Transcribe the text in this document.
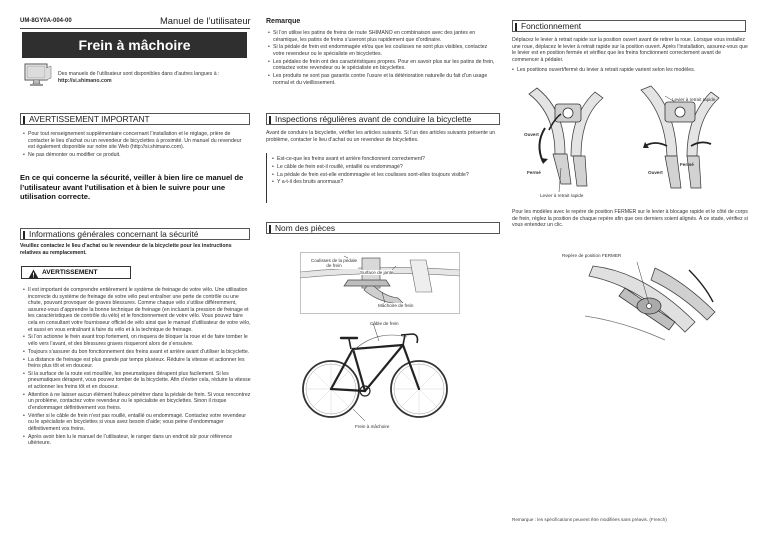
UM-8GY0A-004-00	Manuel de l’utilisateur
Frein à mâchoire
Des manuels de l’utilisateur sont disponibles dans d’autres langues à :
http://si.shimano.com
AVERTISSEMENT IMPORTANT
• Pour tout renseignement supplémentaire concernant l’installation et le réglage, prière de contacter le lieu d’achat ou un revendeur de bicyclettes à proximité. Un manuel du revendeur est également disponible sur notre site Web (http://si.shimano.com).
• Ne pas démonter ou modifier ce produit.
En ce qui concerne la sécurité, veiller à bien lire ce manuel de l’utilisateur avant l’utilisation et à bien le suivre pour une utilisation correcte.
Informations générales concernant la sécurité
Veuillez contactez le lieu d’achat ou le revendeur de la bicyclette pour les instructions relatives au remplacement.
AVERTISSEMENT
• Il est important de comprendre entièrement le système de freinage de votre vélo. Une utilisation incorrecte du système de freinage de votre vélo peut entraîner une perte de contrôle ou une chute, pouvant provoquer de graves blessures. Comme chaque vélo s’utilise différemment, assurez-vous d’apprendre la bonne technique de freinage (en incluant la pression de freinage et les caractéristiques de contrôle du vélo) et le fonctionnement de votre vélo. Vous pouvez faire cela en consultant votre fournisseur officiel de vélo ainsi que le manuel d’utilisateur de votre vélo, et aussi en vous entraînant à faire du vélo et à la technique de freinage.
• Si l’on actionne le frein avant trop fortement, on risquera de bloquer la roue et de faire tomber le vélo vers l’avant, et des blessures graves risqueront alors de s’ensuivre.
• Toujours s’assurer du bon fonctionnement des freins avant et arrière avant d’utiliser la bicyclette.
• La distance de freinage est plus grande par temps pluvieux. Réduire la vitesse et actionner les freins plus tôt et en douceur.
• Si la surface de la route est mouillée, les pneumatiques dérapent plus facilement. Si les pneumatiques dérapent, vous pouvez tomber de la bicyclette. Afin d’éviter cela, réduire la vitesse et actionner les freins tôt et en douceur.
• Attention à ne laisser aucun élément huileux pénétrer dans la pédale de frein. Si vous rencontrez un problème, contactez votre revendeur ou le spécialiste en bicyclettes. Sinon il risque d’endommager définitivement vos freins.
• Vérifier si le câble de frein n’est pas rouillé, entaillé ou endommagé. Contactez votre revendeur ou le spécialiste en bicyclettes si vous avez besoin d’aide; vous peine d’endommager définitivement vos freins.
• Après avoir bien lu le manuel de l’utilisateur, le ranger dans un endroit sûr pour référence ultérieure.
Remarque
• Si l’on utilise les patins de freins de route SHIMANO en combinaison avec des jantes en céramique, les patins de freins s’useront plus rapidement que d’ordinaire.
• Si la pédale de frein est endommagée et/ou que les coulisses ne sont plus visibles, contactez votre revendeur ou le spécialiste en bicyclettes.
• Les pédales de frein ont des caractéristiques propres. Pour en savoir plus sur les patins de frein, contactez votre revendeur ou le spécialiste en bicyclettes.
• Les produits ne sont pas garantis contre l’usure et la détérioration naturelle du fait d’un usage normal et du vieillissement.
Inspections régulières avant de conduire la bicyclette
Avant de conduire la bicyclette, vérifier les articles suivants. Si l’un des articles suivants présente un problème, contacter le lieu d’achat ou un revendeur de bicyclettes.
• Est-ce-que les freins avant et arrière fonctionnent correctement?
• Le câble de frein est-il rouillé, entaillé ou endommagé?
• La pédale de frein est-elle endommagée et les coulisses sont-elles toujours visible?
• Y a-t-il des bruits anormaux?
Nom des pièces
Coulisses de la pédale de frein
Surface de jante
Mâchoire de frein
Câble de frein
Frein à mâchoire
Fonctionnement
Déplacez le levier à retrait rapide sur la position ouvert avant de retirer la roue. Lorsque vous installez une roue, déplacez le levier à retrait rapide sur la position ouvert. Après l’installation, assurez-vous que le levier est en position fermée et vérifiez que les freins fonctionnent correctement avant de commencer à pédaler.
• Les positions ouvert/fermé du levier à retrait rapide varient selon les modèles.
Levier à retrait rapide
Ouvert
Fermé
Levier à retrait rapide
Fermé
Ouvert
Pour les modèles avec le repère de position FERMER sur le levier à blocage rapide et le côté de corps de frein, réglez la position de chaque repère afin que ces derniers soient alignés. À ce stade, vérifiez si vous entendez un clic.
Repère de position FERMER
Remarque : les spécifications peuvent être modifiées sans préavis. (French)
